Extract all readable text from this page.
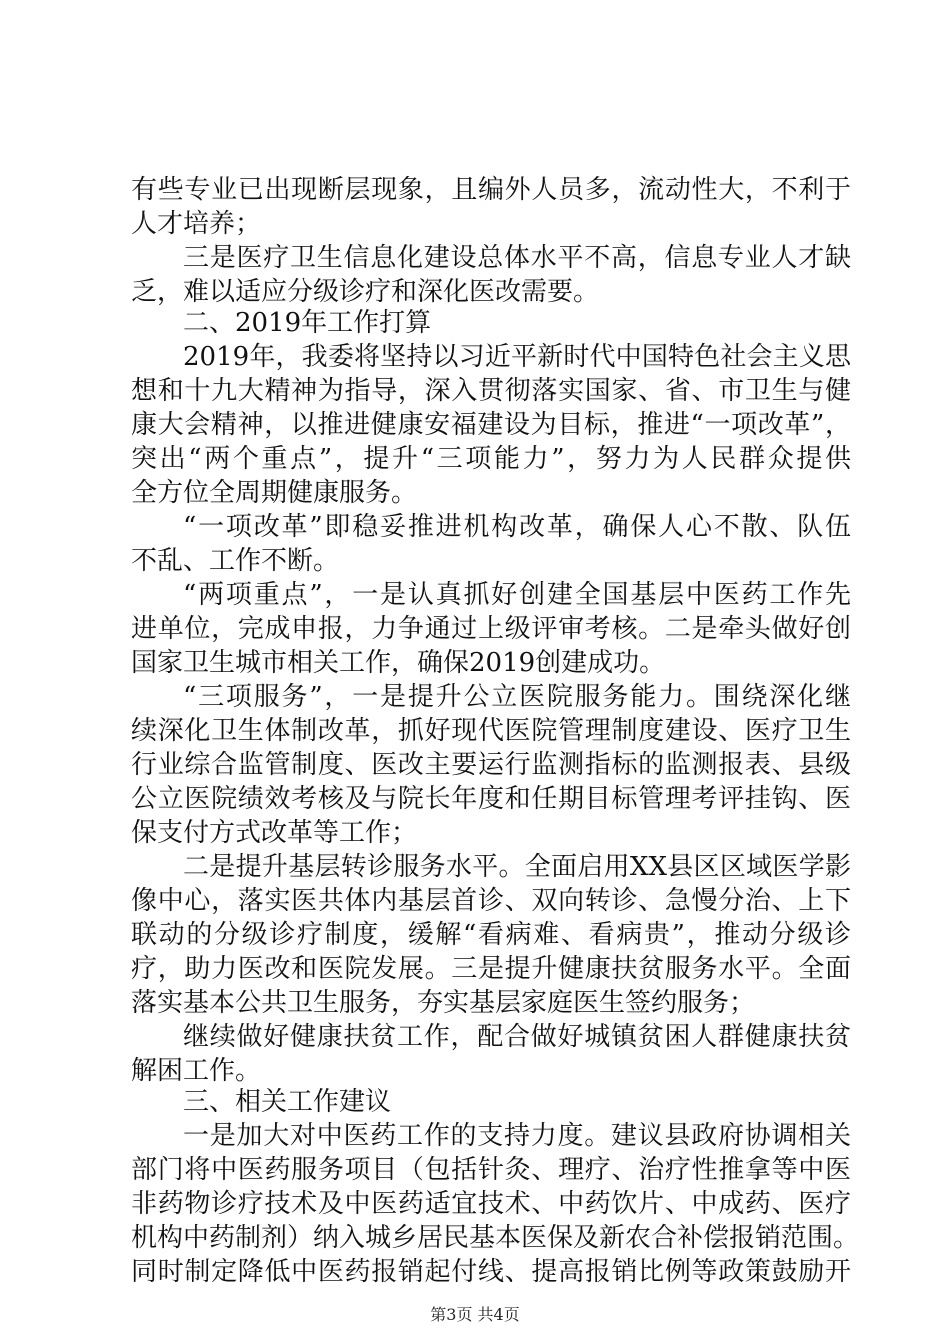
有些专业已出现断层现象，且编外人员多，流动性大，不利于
人才培养；
三是医疗卫生信息化建设总体水平不高，信息专业人才缺
乏，难以适应分级诊疗和深化医改需要。
二、2019年工作打算
2019年，我委将坚持以习近平新时代中国特色社会主义思
想和十九大精神为指导，深入贯彻落实国家、省、市卫生与健
康大会精神，以推进健康安福建设为目标，推进“一项改革”，
突出“两个重点”，提升“三项能力”，努力为人民群众提供
全方位全周期健康服务。
“一项改革”即稳妥推进机构改革，确保人心不散、队伍
不乱、工作不断。
“两项重点”，一是认真抓好创建全国基层中医药工作先
进单位，完成申报，力争通过上级评审考核。二是牵头做好创
国家卫生城市相关工作，确保2019创建成功。
“三项服务”，一是提升公立医院服务能力。围绕深化继
续深化卫生体制改革，抓好现代医院管理制度建设、医疗卫生
行业综合监管制度、医改主要运行监测指标的监测报表、县级
公立医院绩效考核及与院长年度和任期目标管理考评挂钩、医
保支付方式改革等工作；
二是提升基层转诊服务水平。全面启用XX县区区域医学影
像中心，落实医共体内基层首诊、双向转诊、急慢分治、上下
联动的分级诊疗制度，缓解“看病难、看病贵”，推动分级诊
疗，助力医改和医院发展。三是提升健康扶贫服务水平。全面
落实基本公共卫生服务，夯实基层家庭医生签约服务；
继续做好健康扶贫工作，配合做好城镇贫困人群健康扶贫
解困工作。
三、相关工作建议
一是加大对中医药工作的支持力度。建议县政府协调相关
部门将中医药服务项目（包括针灸、理疗、治疗性推拿等中医
非药物诊疗技术及中医药适宜技术、中药饮片、中成药、医疗
机构中药制剂）纳入城乡居民基本医保及新农合补偿报销范围。
同时制定降低中医药报销起付线、提高报销比例等政策鼓励开
第3页 共4页
